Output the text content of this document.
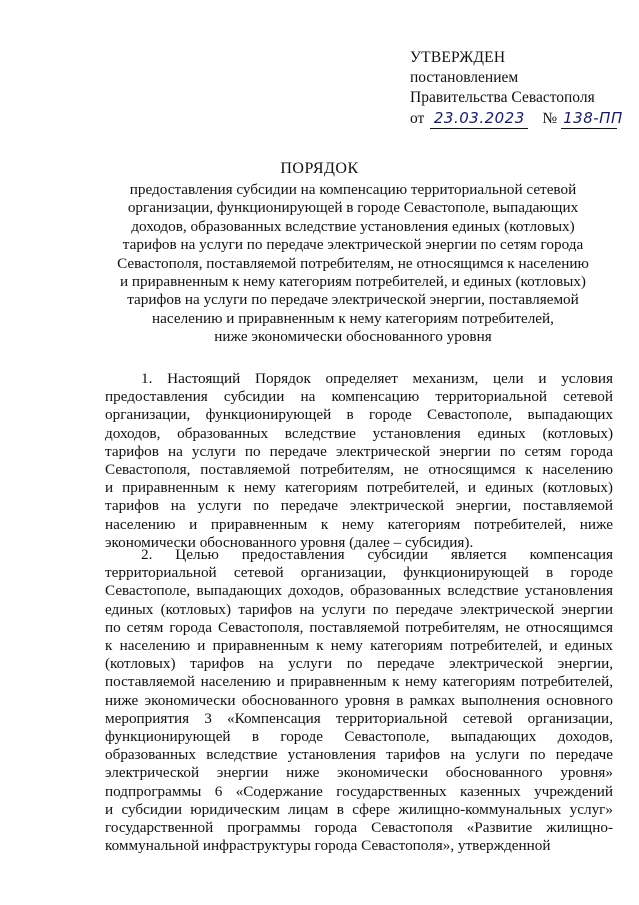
УТВЕРЖДЕН
постановлением
Правительства Севастополя
от 23.03.2023 № 138-ПП
ПОРЯДОК
предоставления субсидии на компенсацию территориальной сетевой
организации, функционирующей в городе Севастополе, выпадающих
доходов, образованных вследствие установления единых (котловых)
тарифов на услуги по передаче электрической энергии по сетям города
Севастополя, поставляемой потребителям, не относящимся к населению
и приравненным к нему категориям потребителей, и единых (котловых)
тарифов на услуги по передаче электрической энергии, поставляемой
населению и приравненным к нему категориям потребителей,
ниже экономически обоснованного уровня
1. Настоящий Порядок определяет механизм, цели и условия
предоставления субсидии на компенсацию территориальной сетевой
организации, функционирующей в городе Севастополе, выпадающих
доходов, образованных вследствие установления единых (котловых)
тарифов на услуги по передаче электрической энергии по сетям города
Севастополя, поставляемой потребителям, не относящимся к населению
и приравненным к нему категориям потребителей, и единых (котловых)
тарифов на услуги по передаче электрической энергии, поставляемой
населению и приравненным к нему категориям потребителей, ниже
экономически обоснованного уровня (далее – субсидия).
2. Целью предоставления субсидии является компенсация
территориальной сетевой организации, функционирующей в городе
Севастополе, выпадающих доходов, образованных вследствие установления
единых (котловых) тарифов на услуги по передаче электрической энергии
по сетям города Севастополя, поставляемой потребителям, не относящимся
к населению и приравненным к нему категориям потребителей, и единых
(котловых) тарифов на услуги по передаче электрической энергии,
поставляемой населению и приравненным к нему категориям потребителей,
ниже экономически обоснованного уровня в рамках выполнения основного
мероприятия 3 «Компенсация территориальной сетевой организации,
функционирующей в городе Севастополе, выпадающих доходов,
образованных вследствие установления тарифов на услуги по передаче
электрической энергии ниже экономически обоснованного уровня»
подпрограммы 6 «Содержание государственных казенных учреждений
и субсидии юридическим лицам в сфере жилищно-коммунальных услуг»
государственной программы города Севастополя «Развитие жилищно-
коммунальной инфраструктуры города Севастополя», утвержденной
